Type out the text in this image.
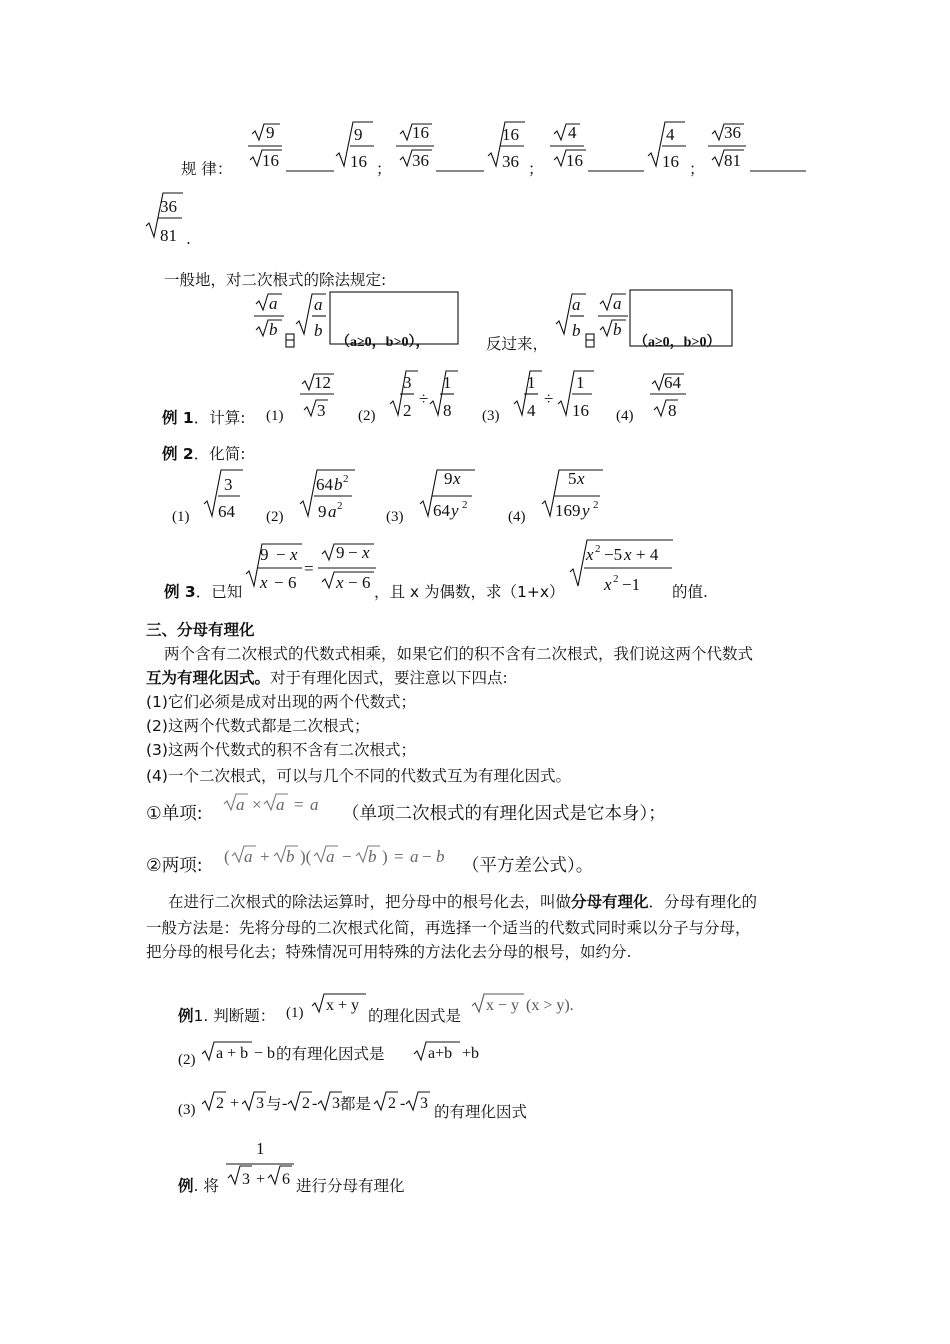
规 律：
9
16
9
16
16
36
16
36
4
16
4
16
36
81
；	；	；
36
81 .
一般地，对二次根式的除法规定:
a
b
a
b
a
b
a
b
（a≥0，b>0），	反过来，	（a≥0，b>0）
例 1．计算: (1)	(2)	(3)	(4)
12
3
3
2
÷
1
8
1
4
÷
1
16
64
8
例 2．化简:
(1)	(2)	(3)	(4)
3
64
64 b 2
9 a 2
9 x
64 y 2
5 x
169 y 2
9 − x
x − 6
=
9 − x
x − 6
例 3．已知	，且 x 为偶数，求（1+x）
x 2 −5 x + 4
x 2 −1 的值.
三、分母有理化
两个含有二次根式的代数式相乘，如果它们的积不含有二次根式，我们说这两个代数式
互为有理化因式。对于有理化因式，要注意以下四点:
(1)它们必须是成对出现的两个代数式；
(2)这两个代数式都是二次根式；
(3)这两个代数式的积不含有二次根式；
(4)一个二次根式，可以与几个不同的代数式互为有理化因式。
①单项: a × a = a （单项二次根式的有理化因式是它本身）；
②两项: ( a + b )( a − b ) = a − b （平方差公式）。
在进行二次根式的除法运算时，把分母中的根号化去，叫做分母有理化．分母有理化的
一般方法是：先将分母的二次根式化简，再选择一个适当的代数式同时乘以分子与分母，
把分母的根号化去；特殊情况可用特殊的方法化去分母的根号，如约分.
例1. 判断题： (1) x + y
的理化因式是
x − y (x > y).
(2) a + b − b 的有理化因式是	a+b +b
(3) 2 + 3 与 - 2 - 3 都是 2 - 3 的有理化因式
1
3 + 6
例. 将	进行分母有理化
